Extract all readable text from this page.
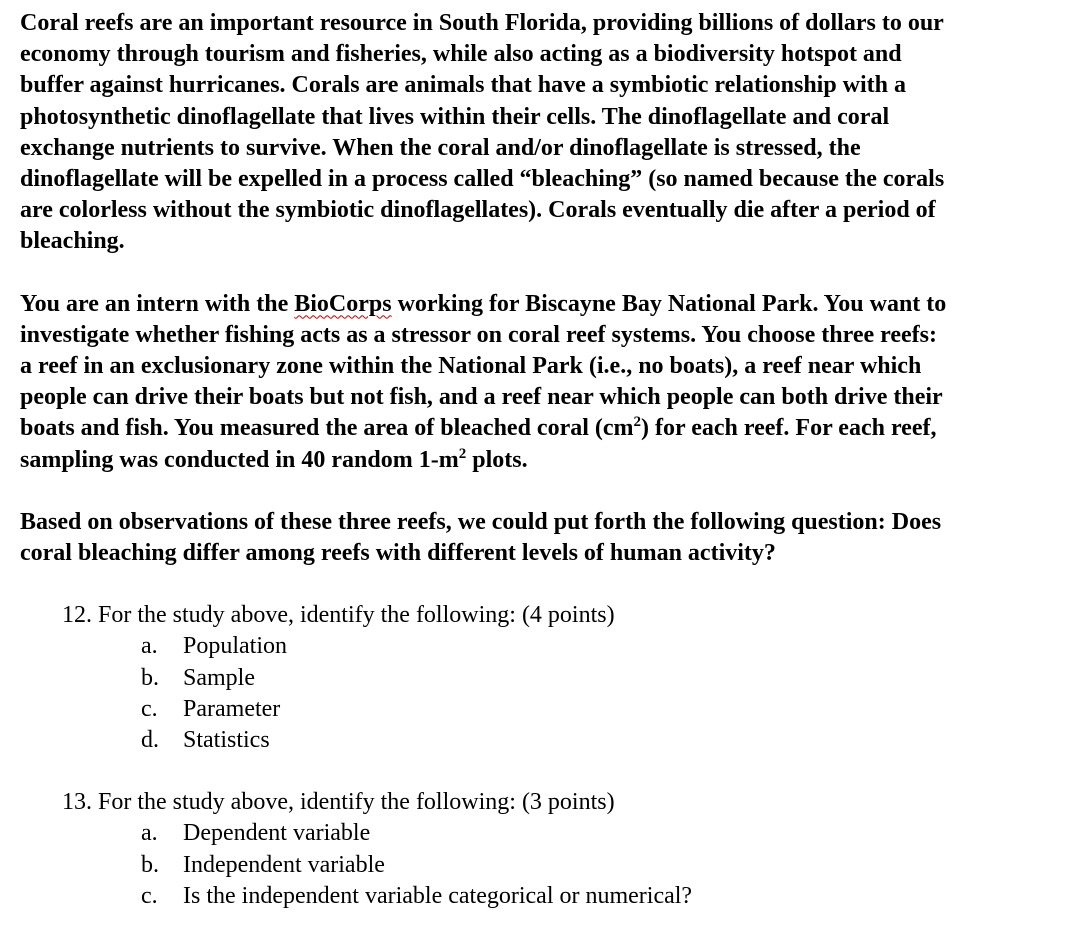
Coral reefs are an important resource in South Florida, providing billions of dollars to our
economy through tourism and fisheries, while also acting as a biodiversity hotspot and
buffer against hurricanes. Corals are animals that have a symbiotic relationship with a
photosynthetic dinoflagellate that lives within their cells. The dinoflagellate and coral
exchange nutrients to survive. When the coral and/or dinoflagellate is stressed, the
dinoflagellate will be expelled in a process called “bleaching” (so named because the corals
are colorless without the symbiotic dinoflagellates). Corals eventually die after a period of
bleaching.

You are an intern with the BioCorps working for Biscayne Bay National Park. You want to
investigate whether fishing acts as a stressor on coral reef systems. You choose three reefs:
a reef in an exclusionary zone within the National Park (i.e., no boats), a reef near which
people can drive their boats but not fish, and a reef near which people can both drive their
boats and fish. You measured the area of bleached coral $(cm^2)$ for each reef. For each reef,
sampling was conducted in 40 random $1-m^2$ plots.

Based on observations of these three reefs, we could put forth the following question: Does
coral bleaching differ among reefs with different levels of human activity?

12. For the study above, identify the following: (4 points)
a.	Population
b.	Sample
c.	Parameter
d.	Statistics
13. For the study above, identify the following: (3 points)
a.	Dependent variable
b.	Independent variable
c.	Is the independent variable categorical or numerical?
